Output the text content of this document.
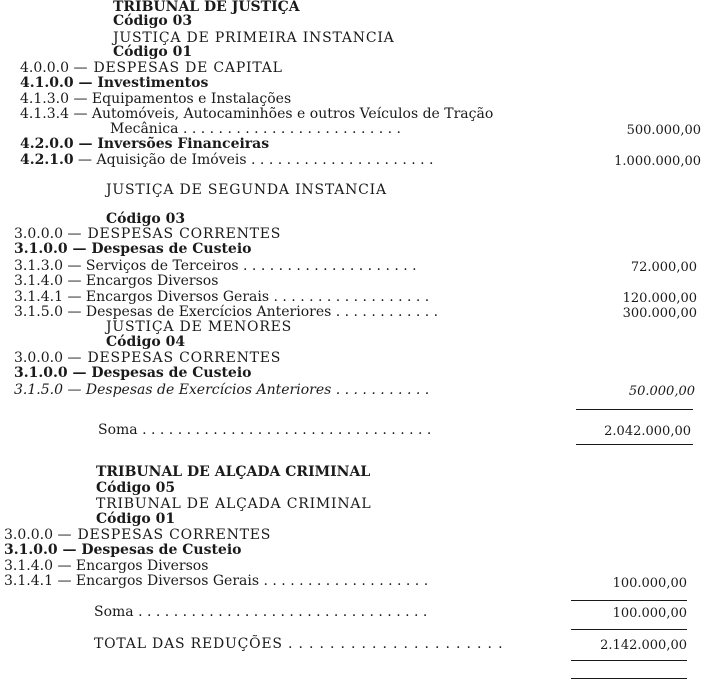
TRIBUNAL DE JUSTIÇA
Código 03
JUSTIÇA DE PRIMEIRA INSTANCIA
Código 01
4.0.0.0 — DESPESAS DE CAPITAL
4.1.0.0 — Investimentos
4.1.3.0 — Equipamentos e Instalações
4.1.3.4 — Automóveis, Autocaminhões e outros Veículos de Tração
Mecânica . . . . . . . . . . . . . . . . . . . . . . . . .	500.000,00
4.2.0.0 — Inversões Financeiras
4.2.1.0 — Aquisição de Imóveis . . . . . . . . . . . . . . . . . . . . .	1.000.000,00
JUSTIÇA DE SEGUNDA INSTANCIA
Código 03
3.0.0.0 — DESPESAS CORRENTES
3.1.0.0 — Despesas de Custeio
3.1.3.0 — Serviços de Terceiros . . . . . . . . . . . . . . . . . . . .	72.000,00
3.1.4.0 — Encargos Diversos
3.1.4.1 — Encargos Diversos Gerais . . . . . . . . . . . . . . . . . .	120.000,00
3.1.5.0 — Despesas de Exercícios Anteriores . . . . . . . . . . . .	300.000,00
JUSTIÇA DE MENORES
Código 04
3.0.0.0 — DESPESAS CORRENTES
3.1.0.0 — Despesas de Custeio
3.1.5.0 — Despesas de Exercícios Anteriores . . . . . . . . . . .	50.000,00
Soma . . . . . . . . . . . . . . . . . . . . . . . . . . . . . . . . .	2.042.000,00
TRIBUNAL DE ALÇADA CRIMINAL
Código 05
TRIBUNAL DE ALÇADA CRIMINAL
Código 01
3.0.0.0 — DESPESAS CORRENTES
3.1.0.0 — Despesas de Custeio
3.1.4.0 — Encargos Diversos
3.1.4.1 — Encargos Diversos Gerais . . . . . . . . . . . . . . . . . . .	100.000,00
Soma . . . . . . . . . . . . . . . . . . . . . . . . . . . . . . . . .	100.000,00
TOTAL DAS REDUÇÕES . . . . . . . . . . . . . . . . . . . . .	2.142.000,00
